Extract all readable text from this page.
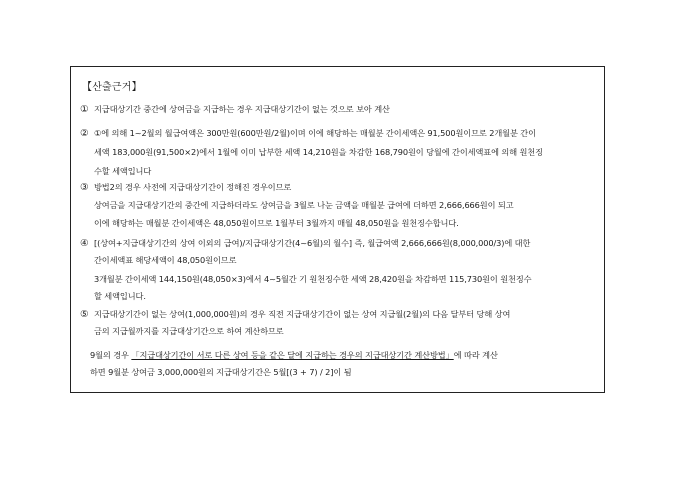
【산출근거】
① 지급대상기간 중간에 상여금을 지급하는 경우 지급대상기간이 없는 것으로 보아 계산
② ①에 의해 1~2월의 월급여액은 300만원(600만원/2월)이며 이에 해당하는 매월분 간이세액은 91,500원이므로 2개월분 간이
세액 183,000원(91,500×2)에서 1월에 이미 납부한 세액 14,210원을 차감한 168,790원이 당월에 간이세액표에 의해 원천징
수할 세액입니다
③ 방법2의 경우 사전에 지급대상기간이 정해진 경우이므로
상여금을 지급대상기간의 중간에 지급하더라도 상여금을 3월로 나눈 금액을 매월분 급여에 더하면 2,666,666원이 되고
이에 해당하는 매월분 간이세액은 48,050원이므로 1월부터 3월까지 매월 48,050원을 원천징수합니다.
④ [(상여+지급대상기간의 상여 이외의 급여)/지급대상기간(4~6월)의 월수] 즉, 월급여액 2,666,666원(8,000,000/3)에 대한
간이세액표 해당세액이 48,050원이므로
3개월분 간이세액 144,150원(48,050×3)에서 4~5월간 기 원천징수한 세액 28,420원을 차감하면 115,730원이 원천징수
할 세액입니다.
⑤ 지급대상기간이 없는 상여(1,000,000원)의 경우 직전 지급대상기간이 없는 상여 지급월(2월)의 다음 달부터 당해 상여
금의 지급월까지를 지급대상기간으로 하여 계산하므로
9월의 경우 「지급대상기간이 서로 다른 상여 등을 같은 달에 지급하는 경우의 지급대상기간 계산방법」에 따라 계산
하면 9월분 상여금 3,000,000원의 지급대상기간은 5월[(3 + 7) / 2]이 됨
